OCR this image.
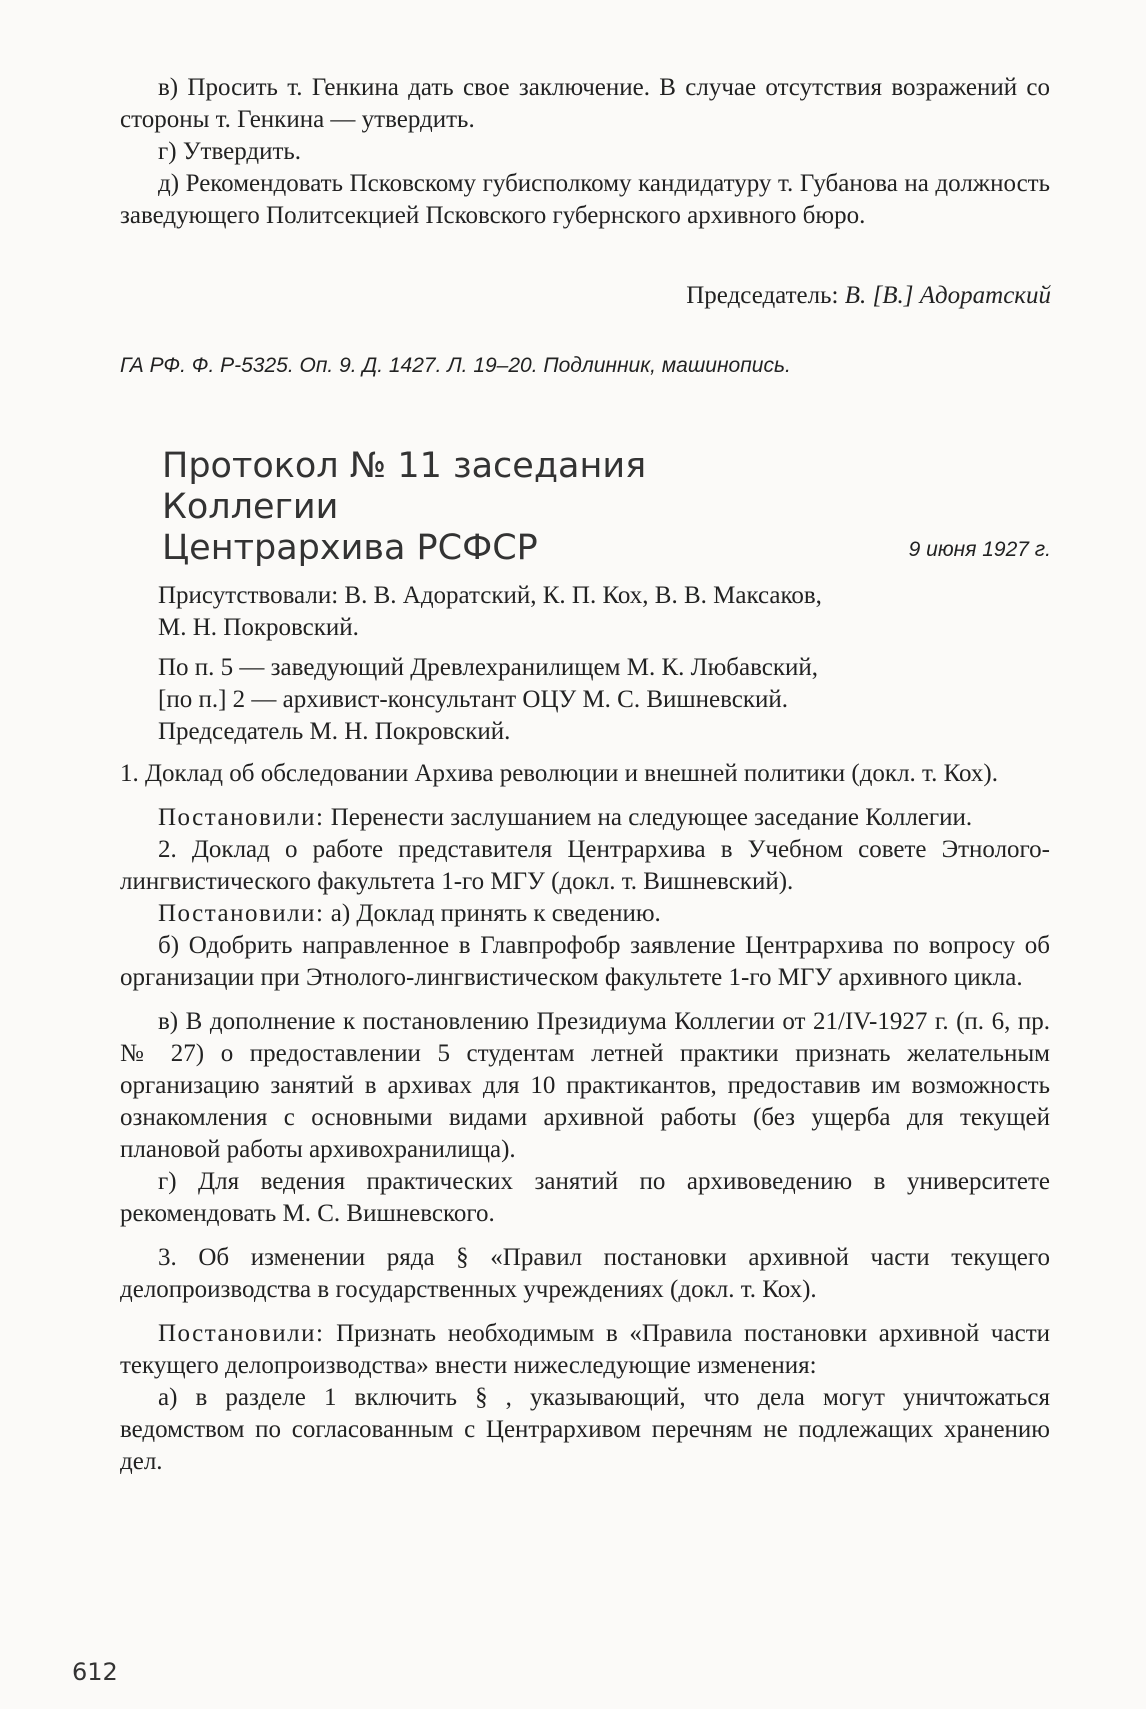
в) Просить т. Генкина дать свое заключение. В случае отсутствия возражений со стороны т. Генкина — утвердить.

г) Утвердить.

д) Рекомендовать Псковскому губисполкому кандидатуру т. Губанова на должность заведующего Политсекцией Псковского губернского архивного бюро.

Председатель: В. [В.] Адоратский
ГА РФ. Ф. Р-5325. Оп. 9. Д. 1427. Л. 19–20. Подлинник, машинопись.
Протокол № 11 заседания Коллегии
Центрархива РСФСР	9 июня 1927 г.

Присутствовали: В. В. Адоратский, К. П. Кох, В. В. Максаков,

М. Н. Покровский.

По п. 5 — заведующий Древлехранилищем М. К. Любавский,

[по п.] 2 — архивист-консультант ОЦУ М. С. Вишневский.

Председатель М. Н. Покровский.

1. Доклад об обследовании Архива революции и внешней политики (докл. т. Кох).

Постановили: Перенести заслушанием на следующее заседание Коллегии.

2. Доклад о работе представителя Центрархива в Учебном совете Этнолого-лингвистического факультета 1-го МГУ (докл. т. Вишневский).

Постановили: а) Доклад принять к сведению.

б) Одобрить направленное в Главпрофобр заявление Центрархива по вопросу об организации при Этнолого-лингвистическом факультете 1-го МГУ архивного цикла.

в) В дополнение к постановлению Президиума Коллегии от 21/IV-1927 г. (п. 6, пр. № 27) о предоставлении 5 студентам летней практики признать желательным организацию занятий в архивах для 10 практикантов, предоставив им возможность ознакомления с основными видами архивной работы (без ущерба для текущей плановой работы архивохранилища).

г) Для ведения практических занятий по архивоведению в университете рекомендовать М. С. Вишневского.

3. Об изменении ряда § «Правил постановки архивной части текущего делопроизводства в государственных учреждениях (докл. т. Кох).

Постановили: Признать необходимым в «Правила постановки архивной части текущего делопроизводства» внести нижеследующие изменения:

а) в разделе 1 включить § , указывающий, что дела могут уничтожаться ведомством по согласованным с Центрархивом перечням не подлежащих хранению дел.

612
